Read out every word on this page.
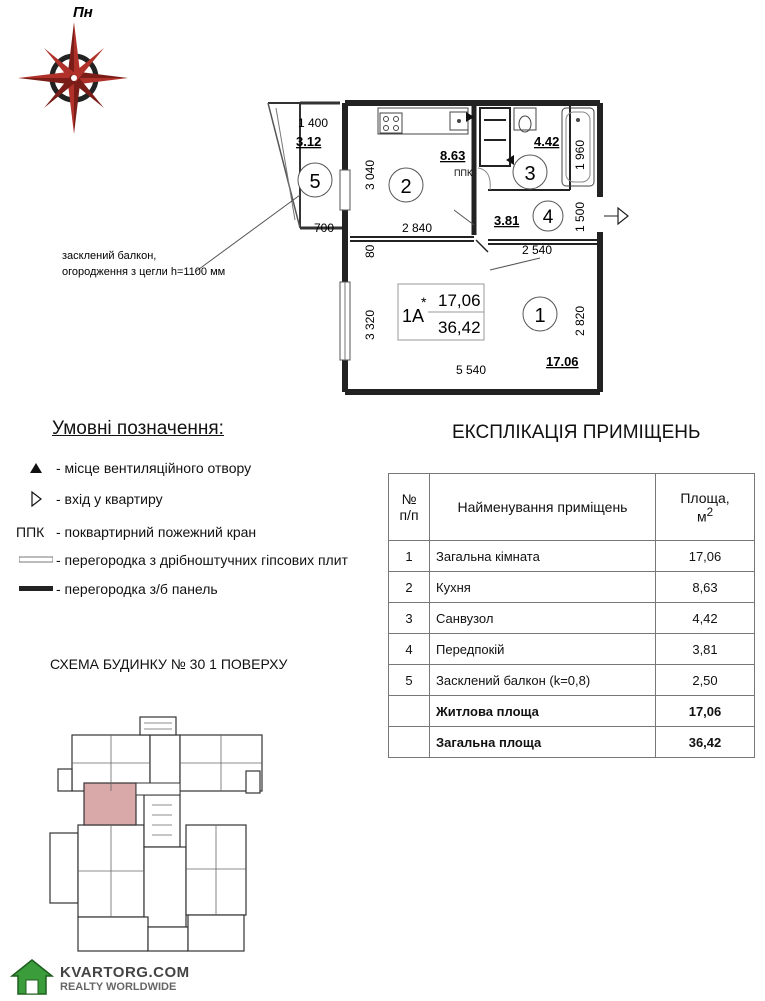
Пн
5	2
3
4
1
3.12
8.63
4.42
3.81
17.06
ППК
1 400
700	2 840
2 540
5 540
3 040
80
3 320
1 960
1 500
2 820
1А
* 17,06
36,42
засклений балкон,
огородження з цегли h=1100 мм
Умовні позначення:
- місце вентиляційного отвору
- вхід у квартиру
ППК - поквартирний пожежний кран
- перегородка з дрібноштучних гіпсових плит
- перегородка з/б панель
ЕКСПЛІКАЦІЯ ПРИМІЩЕНЬ
№
п/п	Найменування приміщень	Площа,
$м^2$
1	Загальна кімната	17,06
2	Кухня	8,63
3	Санвузол	4,42
4	Передпокій	3,81
5	Засклений балкон (k=0,8)	2,50
	Житлова площа	17,06
	Загальна площа	36,42
СХЕМА БУДИНКУ № 30 1 ПОВЕРХУ
KVARTORG.COM
REALTY WORLDWIDE
